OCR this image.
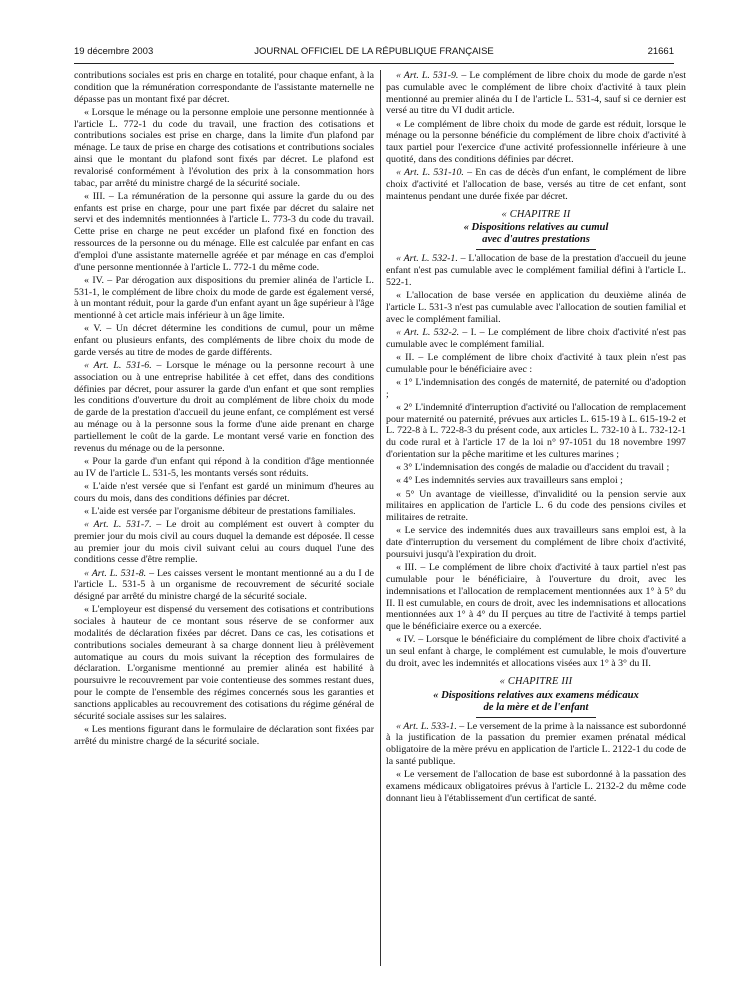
19 décembre 2003	JOURNAL OFFICIEL DE LA RÉPUBLIQUE FRANÇAISE	21661

contributions sociales est pris en charge en totalité, pour chaque enfant, à la condition que la rémunération correspondante de l'assistante maternelle ne dépasse pas un montant fixé par décret.

« Lorsque le ménage ou la personne emploie une personne mentionnée à l'article L. 772-1 du code du travail, une fraction des cotisations et contributions sociales est prise en charge, dans la limite d'un plafond par ménage. Le taux de prise en charge des cotisations et contributions sociales ainsi que le montant du plafond sont fixés par décret. Le plafond est revalorisé conformément à l'évolution des prix à la consommation hors tabac, par arrêté du ministre chargé de la sécurité sociale.

« III. – La rémunération de la personne qui assure la garde du ou des enfants est prise en charge, pour une part fixée par décret du salaire net servi et des indemnités mentionnées à l'article L. 773-3 du code du travail. Cette prise en charge ne peut excéder un plafond fixé en fonction des ressources de la personne ou du ménage. Elle est calculée par enfant en cas d'emploi d'une assistante maternelle agréée et par ménage en cas d'emploi d'une personne mentionnée à l'article L. 772-1 du même code.

« IV. – Par dérogation aux dispositions du premier alinéa de l'article L. 531-1, le complément de libre choix du mode de garde est également versé, à un montant réduit, pour la garde d'un enfant ayant un âge supérieur à l'âge mentionné à cet article mais inférieur à un âge limite.

« V. – Un décret détermine les conditions de cumul, pour un même enfant ou plusieurs enfants, des compléments de libre choix du mode de garde versés au titre de modes de garde différents.

« Art. L. 531-6. – Lorsque le ménage ou la personne recourt à une association ou à une entreprise habilitée à cet effet, dans des conditions définies par décret, pour assurer la garde d'un enfant et que sont remplies les conditions d'ouverture du droit au complément de libre choix du mode de garde de la prestation d'accueil du jeune enfant, ce complément est versé au ménage ou à la personne sous la forme d'une aide prenant en charge partiellement le coût de la garde. Le montant versé varie en fonction des revenus du ménage ou de la personne.

« Pour la garde d'un enfant qui répond à la condition d'âge mentionnée au IV de l'article L. 531-5, les montants versés sont réduits.

« L'aide n'est versée que si l'enfant est gardé un minimum d'heures au cours du mois, dans des conditions définies par décret.

« L'aide est versée par l'organisme débiteur de prestations familiales.

« Art. L. 531-7. – Le droit au complément est ouvert à compter du premier jour du mois civil au cours duquel la demande est déposée. Il cesse au premier jour du mois civil suivant celui au cours duquel l'une des conditions cesse d'être remplie.

« Art. L. 531-8. – Les caisses versent le montant mentionné au a du I de l'article L. 531-5 à un organisme de recouvrement de sécurité sociale désigné par arrêté du ministre chargé de la sécurité sociale.

« L'employeur est dispensé du versement des cotisations et contributions sociales à hauteur de ce montant sous réserve de se conformer aux modalités de déclaration fixées par décret. Dans ce cas, les cotisations et contributions sociales demeurant à sa charge donnent lieu à prélèvement automatique au cours du mois suivant la réception des formulaires de déclaration. L'organisme mentionné au premier alinéa est habilité à poursuivre le recouvrement par voie contentieuse des sommes restant dues, pour le compte de l'ensemble des régimes concernés sous les garanties et sanctions applicables au recouvrement des cotisations du régime général de sécurité sociale assises sur les salaires.

« Les mentions figurant dans le formulaire de déclaration sont fixées par arrêté du ministre chargé de la sécurité sociale.

« Art. L. 531-9. – Le complément de libre choix du mode de garde n'est pas cumulable avec le complément de libre choix d'activité à taux plein mentionné au premier alinéa du I de l'article L. 531-4, sauf si ce dernier est versé au titre du VI dudit article.

« Le complément de libre choix du mode de garde est réduit, lorsque le ménage ou la personne bénéficie du complément de libre choix d'activité à taux partiel pour l'exercice d'une activité professionnelle inférieure à une quotité, dans des conditions définies par décret.

« Art. L. 531-10. – En cas de décès d'un enfant, le complément de libre choix d'activité et l'allocation de base, versés au titre de cet enfant, sont maintenus pendant une durée fixée par décret.

« CHAPITRE II
« Dispositions relatives au cumul
avec d'autres prestations

« Art. L. 532-1. – L'allocation de base de la prestation d'accueil du jeune enfant n'est pas cumulable avec le complément familial défini à l'article L. 522-1.

« L'allocation de base versée en application du deuxième alinéa de l'article L. 531-3 n'est pas cumulable avec l'allocation de soutien familial et avec le complément familial.

« Art. L. 532-2. – I. – Le complément de libre choix d'activité n'est pas cumulable avec le complément familial.

« II. – Le complément de libre choix d'activité à taux plein n'est pas cumulable pour le bénéficiaire avec :

« 1° L'indemnisation des congés de maternité, de paternité ou d'adoption ;

« 2° L'indemnité d'interruption d'activité ou l'allocation de remplacement pour maternité ou paternité, prévues aux articles L. 615-19 à L. 615-19-2 et L. 722-8 à L. 722-8-3 du présent code, aux articles L. 732-10 à L. 732-12-1 du code rural et à l'article 17 de la loi n° 97-1051 du 18 novembre 1997 d'orientation sur la pêche maritime et les cultures marines ;

« 3° L'indemnisation des congés de maladie ou d'accident du travail ;

« 4° Les indemnités servies aux travailleurs sans emploi ;

« 5° Un avantage de vieillesse, d'invalidité ou la pension servie aux militaires en application de l'article L. 6 du code des pensions civiles et militaires de retraite.

« Le service des indemnités dues aux travailleurs sans emploi est, à la date d'interruption du versement du complément de libre choix d'activité, poursuivi jusqu'à l'expiration du droit.

« III. – Le complément de libre choix d'activité à taux partiel n'est pas cumulable pour le bénéficiaire, à l'ouverture du droit, avec les indemnisations et l'allocation de remplacement mentionnées aux 1° à 5° du II. Il est cumulable, en cours de droit, avec les indemnisations et allocations mentionnées aux 1° à 4° du II perçues au titre de l'activité à temps partiel que le bénéficiaire exerce ou a exercée.

« IV. – Lorsque le bénéficiaire du complément de libre choix d'activité a un seul enfant à charge, le complément est cumulable, le mois d'ouverture du droit, avec les indemnités et allocations visées aux 1° à 3° du II.

« CHAPITRE III
« Dispositions relatives aux examens médicaux
de la mère et de l'enfant

« Art. L. 533-1. – Le versement de la prime à la naissance est subordonné à la justification de la passation du premier examen prénatal médical obligatoire de la mère prévu en application de l'article L. 2122-1 du code de la santé publique.

« Le versement de l'allocation de base est subordonné à la passation des examens médicaux obligatoires prévus à l'article L. 2132-2 du même code donnant lieu à l'établissement d'un certificat de santé.
